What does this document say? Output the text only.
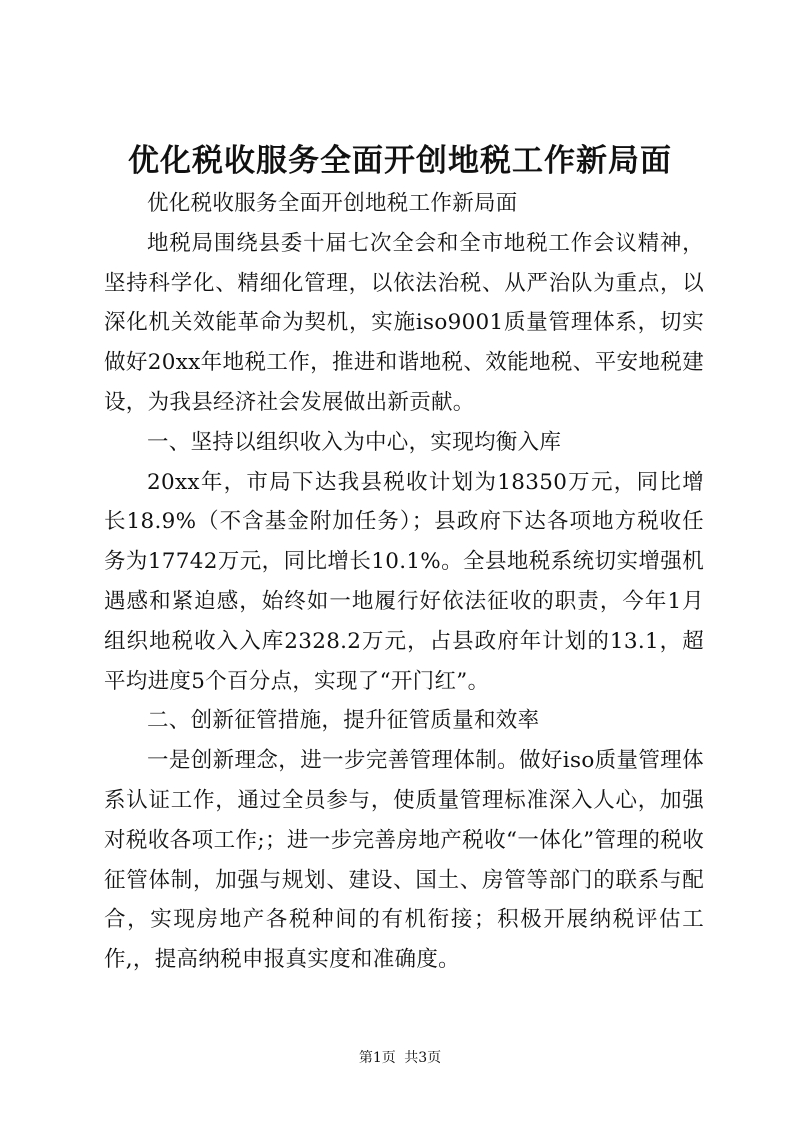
优化税收服务全面开创地税工作新局面

优化税收服务全面开创地税工作新局面

地税局围绕县委十届七次全会和全市地税工作会议精神，坚持科学化、精细化管理，以依法治税、从严治队为重点，以深化机关效能革命为契机，实施iso9001质量管理体系，切实做好20xx年地税工作，推进和谐地税、效能地税、平安地税建设，为我县经济社会发展做出新贡献。

一、坚持以组织收入为中心，实现均衡入库

20xx年，市局下达我县税收计划为18350万元，同比增长18.9%（不含基金附加任务）；县政府下达各项地方税收任务为17742万元，同比增长10.1%。全县地税系统切实增强机遇感和紧迫感，始终如一地履行好依法征收的职责，今年1月组织地税收入入库2328.2万元，占县政府年计划的13.1，超平均进度5个百分点，实现了“开门红”。

二、创新征管措施，提升征管质量和效率

一是创新理念，进一步完善管理体制。做好iso质量管理体系认证工作，通过全员参与，使质量管理标准深入人心，加强对税收各项工作;；进一步完善房地产税收“一体化”管理的税收征管体制，加强与规划、建设、国土、房管等部门的联系与配合，实现房地产各税种间的有机衔接；积极开展纳税评估工作,，提高纳税申报真实度和准确度。

第1页 共3页
